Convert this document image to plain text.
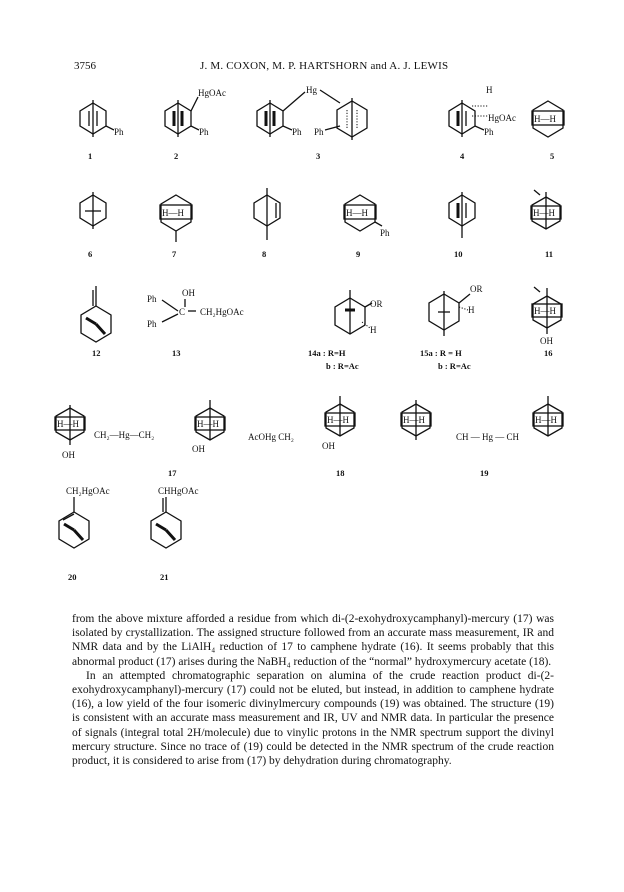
3756	J. M. COXON, M. P. HARTSHORN and A. J. LEWIS
Ph
1
HgOAc
Ph
2
Hg
Ph Ph
3
H
HgOAc
Ph
4
H—H
5
6
H—H
7	8
H—H
Ph
9	10
H—H
11
12
OH
Ph
C CH₂HgOAc
Ph
13
OR
H
14a : R=H
b : R=Ac
OR
H
15a : R = H
b : R=Ac
H—H
OH
16
H—H
OH
CH₂—Hg—CH₂
H—H
OH
17
AcOHg CH₂
H—H
OH
18
H—H
CH — Hg — CH
H—H
19
CH₂HgOAc
20
CHHgOAc
21

from the above mixture afforded a residue from which di-(2-exohydroxycamphanyl)-mercury (17) was isolated by crystallization. The assigned structure followed from an accurate mass measurement, IR and NMR data and by the LiAlH₄ reduction of 17 to camphene hydrate (16). It seems probably that this abnormal product (17) arises during the NaBH₄ reduction of the “normal” hydroxymercury acetate (18).

In an attempted chromatographic separation on alumina of the crude reaction product di-(2-exohydroxycamphanyl)-mercury (17) could not be eluted, but instead, in addition to camphene hydrate (16), a low yield of the four isomeric divinylmercury compounds (19) was obtained. The structure (19) is consistent with an accurate mass measurement and IR, UV and NMR data. In particular the presence of signals (integral total 2H/molecule) due to vinylic protons in the NMR spectrum support the divinyl mercury structure. Since no trace of (19) could be detected in the NMR spectrum of the crude reaction product, it is considered to arise from (17) by dehydration during chromatography.
